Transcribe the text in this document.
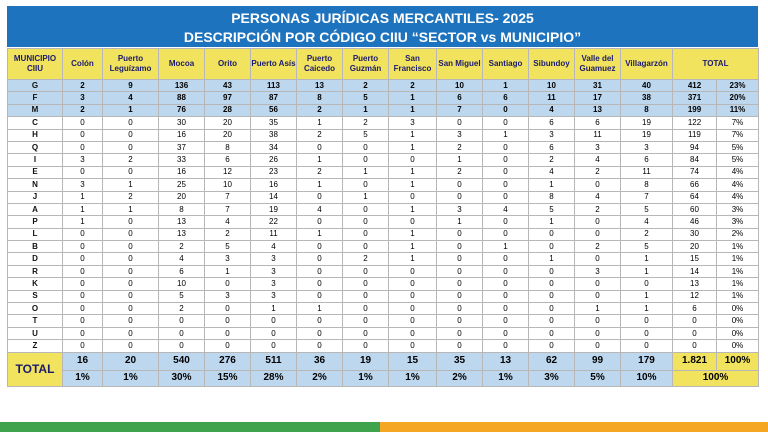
PERSONAS JURÍDICAS MERCANTILES- 2025
DESCRIPCIÓN POR CÓDIGO CIIU “SECTOR vs MUNICIPIO”
MUNICIPIO CIIU	Colón	Puerto Leguízamo	Mocoa	Orito	Puerto Asís	Puerto Caicedo	Puerto Guzmán	San Francisco	San Miguel	Santiago	Sibundoy	Valle del Guamuez	Villagarzón	TOTAL	
G	2	9	136	43	113	13	2	2	10	1	10	31	40	412	23%
F	3	4	88	97	87	8	5	1	6	6	11	17	38	371	20%
M	2	1	76	28	56	2	1	1	7	0	4	13	8	199	11%
C	0	0	30	20	35	1	2	3	0	0	6	6	19	122	7%
H	0	0	16	20	38	2	5	1	3	1	3	11	19	119	7%
Q	0	0	37	8	34	0	0	1	2	0	6	3	3	94	5%
I	3	2	33	6	26	1	0	0	1	0	2	4	6	84	5%
E	0	0	16	12	23	2	1	1	2	0	4	2	11	74	4%
N	3	1	25	10	16	1	0	1	0	0	1	0	8	66	4%
J	1	2	20	7	14	0	1	0	0	0	8	4	7	64	4%
A	1	1	8	7	19	4	0	1	3	4	5	2	5	60	3%
P	1	0	13	4	22	0	0	0	1	0	1	0	4	46	3%
L	0	0	13	2	11	1	0	1	0	0	0	0	2	30	2%
B	0	0	2	5	4	0	0	1	0	1	0	2	5	20	1%
D	0	0	4	3	3	0	2	1	0	0	1	0	1	15	1%
R	0	0	6	1	3	0	0	0	0	0	0	3	1	14	1%
K	0	0	10	0	3	0	0	0	0	0	0	0	0	13	1%
S	0	0	5	3	3	0	0	0	0	0	0	0	1	12	1%
O	0	0	2	0	1	1	0	0	0	0	0	1	1	6	0%
T	0	0	0	0	0	0	0	0	0	0	0	0	0	0	0%
U	0	0	0	0	0	0	0	0	0	0	0	0	0	0	0%
Z	0	0	0	0	0	0	0	0	0	0	0	0	0	0	0%
TOTAL	16	20	540	276	511	36	19	15	35	13	62	99	179	1.821	100%
	1%	1%	30%	15%	28%	2%	1%	1%	2%	1%	3%	5%	10%	100%	
